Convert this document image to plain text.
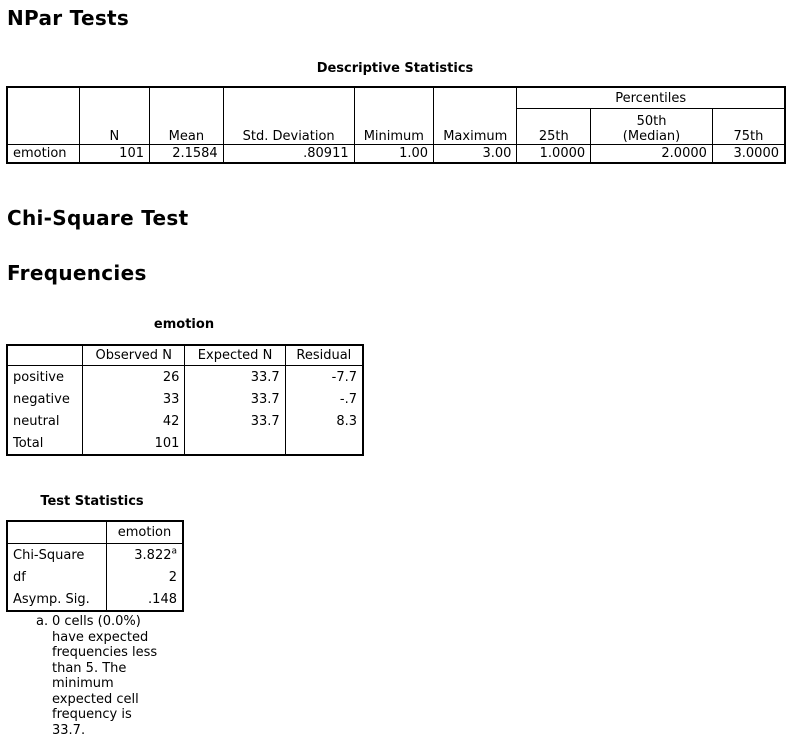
NPar Tests
Descriptive Statistics
	N	Mean	Std. Deviation	Minimum	Maximum	Percentiles		
						25th	50th (Median)	75th
emotion	101	2.1584	.80911	1.00	3.00	1.0000	2.0000	3.0000
Chi-Square Test
Frequencies
emotion
	Observed N	Expected N	Residual
positive	26	33.7	-7.7
negative	33	33.7	-.7
neutral	42	33.7	8.3
Total	101		
Test Statistics
	emotion
Chi-Square	3.822$^a$
df	2
Asymp. Sig.	.148
a. 0 cells (0.0%) have expected frequencies less than 5. The minimum expected cell frequency is 33.7.
